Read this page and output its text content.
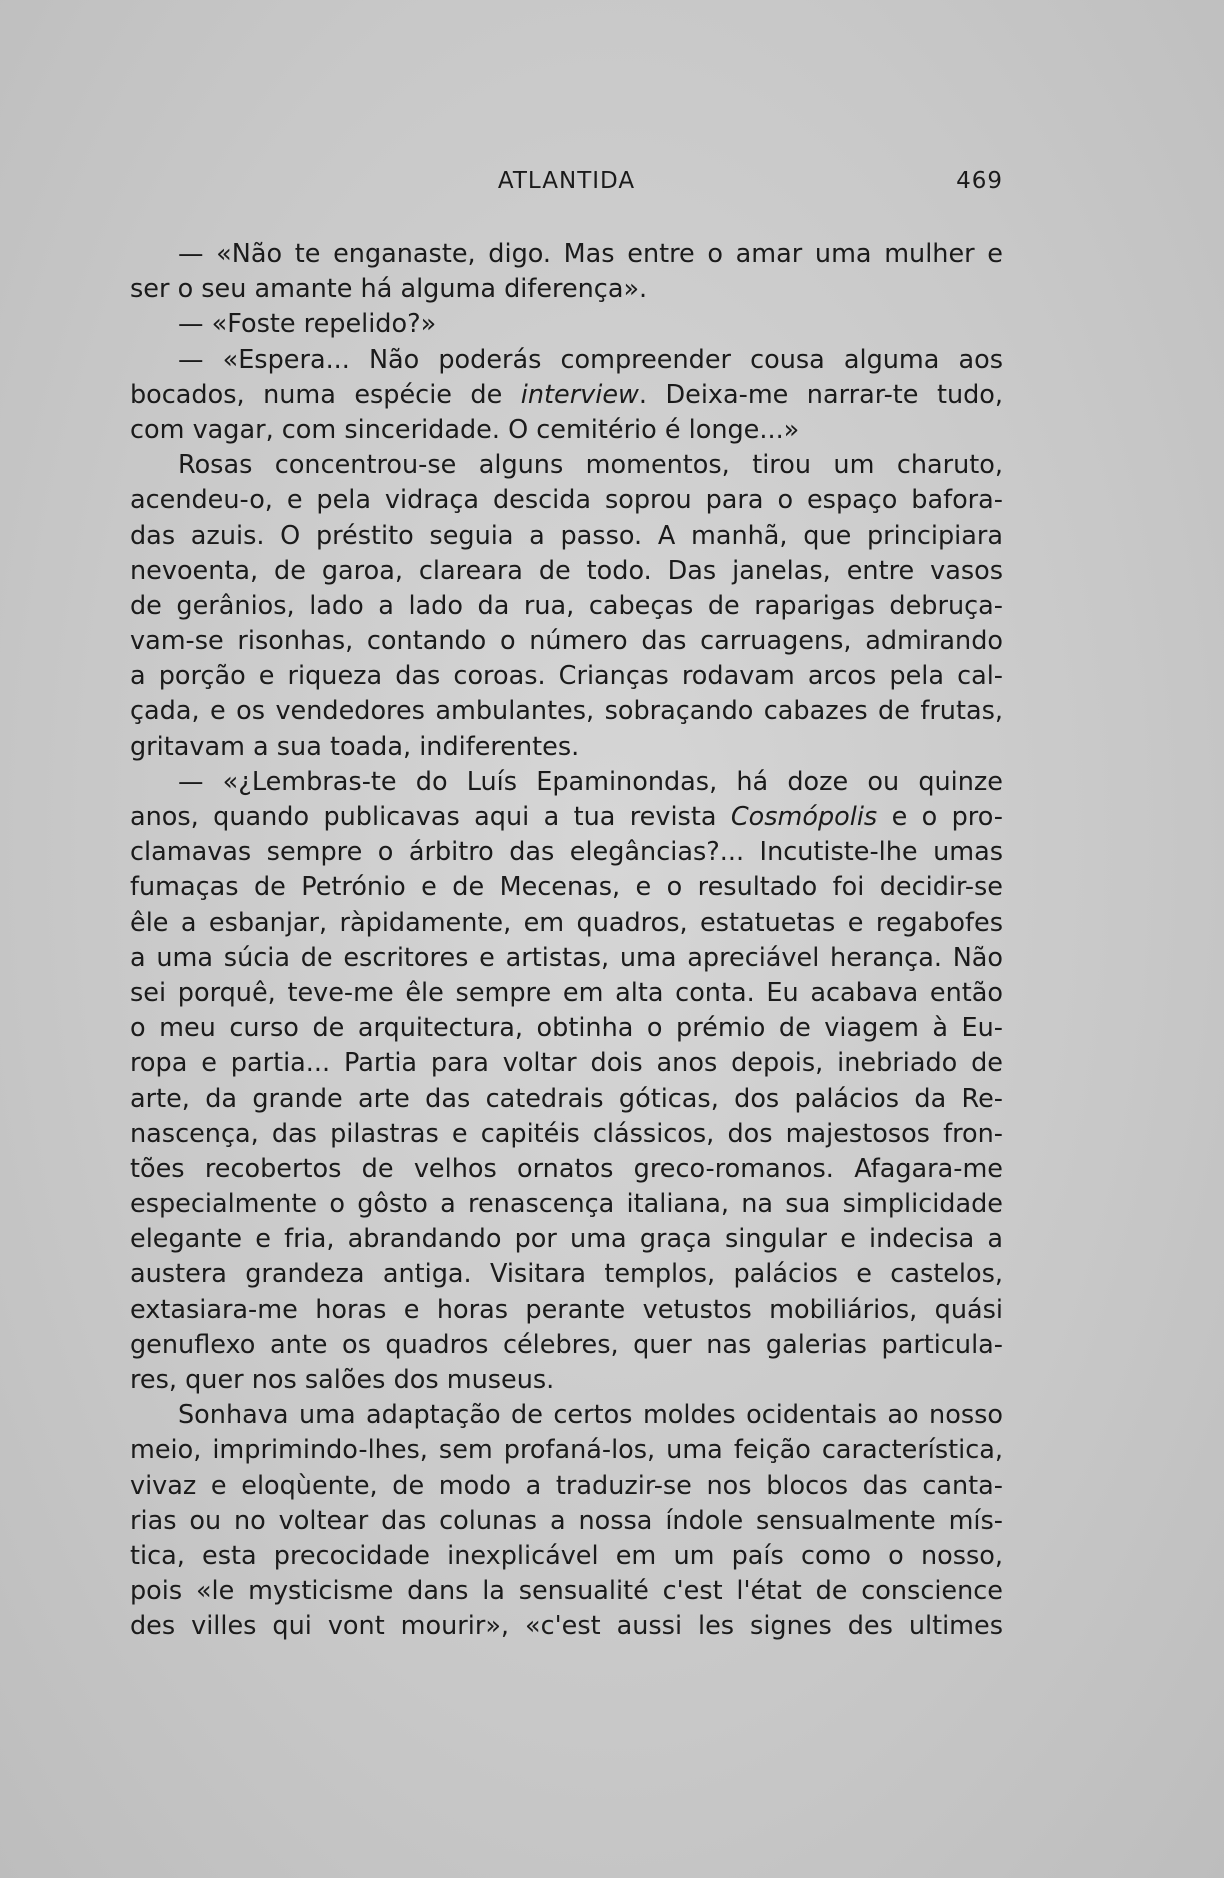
ATLANTIDA	469
— «Não te enganaste, digo. Mas entre o amar uma mulher e
ser o seu amante há alguma diferença».
— «Foste repelido?»
— «Espera... Não poderás compreender cousa alguma aos
bocados, numa espécie de interview. Deixa-me narrar-te tudo,
com vagar, com sinceridade. O cemitério é longe...»
Rosas concentrou-se alguns momentos, tirou um charuto,
acendeu-o, e pela vidraça descida soprou para o espaço bafora-
das azuis. O préstito seguia a passo. A manhã, que principiara
nevoenta, de garoa, clareara de todo. Das janelas, entre vasos
de gerânios, lado a lado da rua, cabeças de raparigas debruça-
vam-se risonhas, contando o número das carruagens, admirando
a porção e riqueza das coroas. Crianças rodavam arcos pela cal-
çada, e os vendedores ambulantes, sobraçando cabazes de frutas,
gritavam a sua toada, indiferentes.
— «¿Lembras-te do Luís Epaminondas, há doze ou quinze
anos, quando publicavas aqui a tua revista Cosmópolis e o pro-
clamavas sempre o árbitro das elegâncias?... Incutiste-lhe umas
fumaças de Petrónio e de Mecenas, e o resultado foi decidir-se
êle a esbanjar, ràpidamente, em quadros, estatuetas e regabofes
a uma súcia de escritores e artistas, uma apreciável herança. Não
sei porquê, teve-me êle sempre em alta conta. Eu acabava então
o meu curso de arquitectura, obtinha o prémio de viagem à Eu-
ropa e partia... Partia para voltar dois anos depois, inebriado de
arte, da grande arte das catedrais góticas, dos palácios da Re-
nascença, das pilastras e capitéis clássicos, dos majestosos fron-
tões recobertos de velhos ornatos greco-romanos. Afagara-me
especialmente o gôsto a renascença italiana, na sua simplicidade
elegante e fria, abrandando por uma graça singular e indecisa a
austera grandeza antiga. Visitara templos, palácios e castelos,
extasiara-me horas e horas perante vetustos mobiliários, quási
genuflexo ante os quadros célebres, quer nas galerias particula-
res, quer nos salões dos museus.
Sonhava uma adaptação de certos moldes ocidentais ao nosso
meio, imprimindo-lhes, sem profaná-los, uma feição característica,
vivaz e eloqùente, de modo a traduzir-se nos blocos das canta-
rias ou no voltear das colunas a nossa índole sensualmente mís-
tica, esta precocidade inexplicável em um país como o nosso,
pois «le mysticisme dans la sensualité c'est l'état de conscience
des villes qui vont mourir», «c'est aussi les signes des ultimes
